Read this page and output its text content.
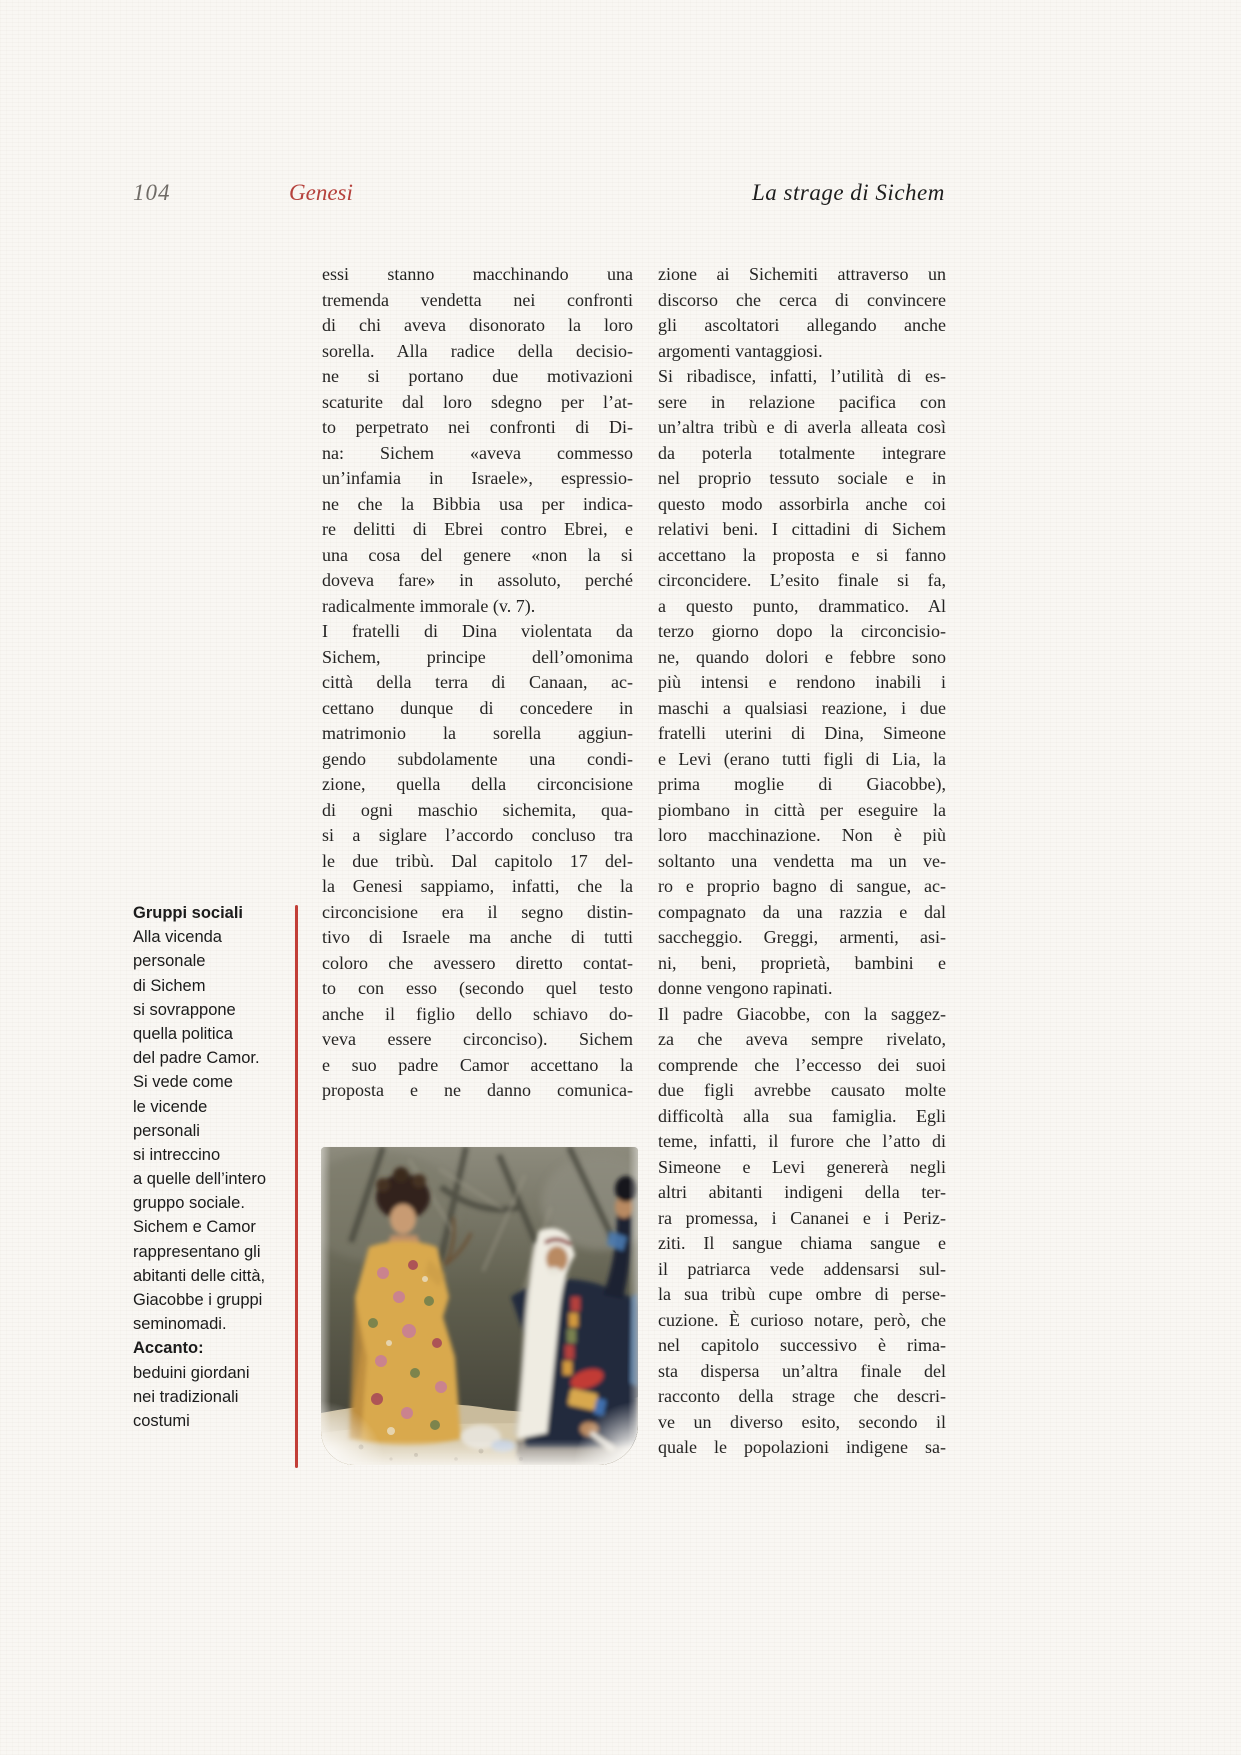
104	Genesi	La strage di Sichem
Gruppi sociali
Alla vicenda
personale
di Sichem
si sovrappone
quella politica
del padre Camor.
Si vede come
le vicende
personali
si intreccino
a quelle dell’intero
gruppo sociale.
Sichem e Camor
rappresentano gli
abitanti delle città,
Giacobbe i gruppi
seminomadi.
Accanto:
beduini giordani
nei tradizionali
costumi
essi stanno macchinando una
tremenda vendetta nei confronti
di chi aveva disonorato la loro
sorella. Alla radice della decisio-
ne si portano due motivazioni
scaturite dal loro sdegno per l’at-
to perpetrato nei confronti di Di-
na: Sichem «aveva commesso
un’infamia in Israele», espressio-
ne che la Bibbia usa per indica-
re delitti di Ebrei contro Ebrei, e
una cosa del genere «non la si
doveva fare» in assoluto, perché
radicalmente immorale (v. 7).
I fratelli di Dina violentata da
Sichem, principe dell’omonima
città della terra di Canaan, ac-
cettano dunque di concedere in
matrimonio la sorella aggiun-
gendo subdolamente una condi-
zione, quella della circoncisione
di ogni maschio sichemita, qua-
si a siglare l’accordo concluso tra
le due tribù. Dal capitolo 17 del-
la Genesi sappiamo, infatti, che la
circoncisione era il segno distin-
tivo di Israele ma anche di tutti
coloro che avessero diretto contat-
to con esso (secondo quel testo
anche il figlio dello schiavo do-
veva essere circonciso). Sichem
e suo padre Camor accettano la
proposta e ne danno comunica-
zione ai Sichemiti attraverso un
discorso che cerca di convincere
gli ascoltatori allegando anche
argomenti vantaggiosi.
Si ribadisce, infatti, l’utilità di es-
sere in relazione pacifica con
un’altra tribù e di averla alleata così
da poterla totalmente integrare
nel proprio tessuto sociale e in
questo modo assorbirla anche coi
relativi beni. I cittadini di Sichem
accettano la proposta e si fanno
circoncidere. L’esito finale si fa,
a questo punto, drammatico. Al
terzo giorno dopo la circoncisio-
ne, quando dolori e febbre sono
più intensi e rendono inabili i
maschi a qualsiasi reazione, i due
fratelli uterini di Dina, Simeone
e Levi (erano tutti figli di Lia, la
prima moglie di Giacobbe),
piombano in città per eseguire la
loro macchinazione. Non è più
soltanto una vendetta ma un ve-
ro e proprio bagno di sangue, ac-
compagnato da una razzia e dal
saccheggio. Greggi, armenti, asi-
ni, beni, proprietà, bambini e
donne vengono rapinati.
Il padre Giacobbe, con la saggez-
za che aveva sempre rivelato,
comprende che l’eccesso dei suoi
due figli avrebbe causato molte
difficoltà alla sua famiglia. Egli
teme, infatti, il furore che l’atto di
Simeone e Levi genererà negli
altri abitanti indigeni della ter-
ra promessa, i Cananei e i Periz-
ziti. Il sangue chiama sangue e
il patriarca vede addensarsi sul-
la sua tribù cupe ombre di perse-
cuzione. È curioso notare, però, che
nel capitolo successivo è rima-
sta dispersa un’altra finale del
racconto della strage che descri-
ve un diverso esito, secondo il
quale le popolazioni indigene sa-
